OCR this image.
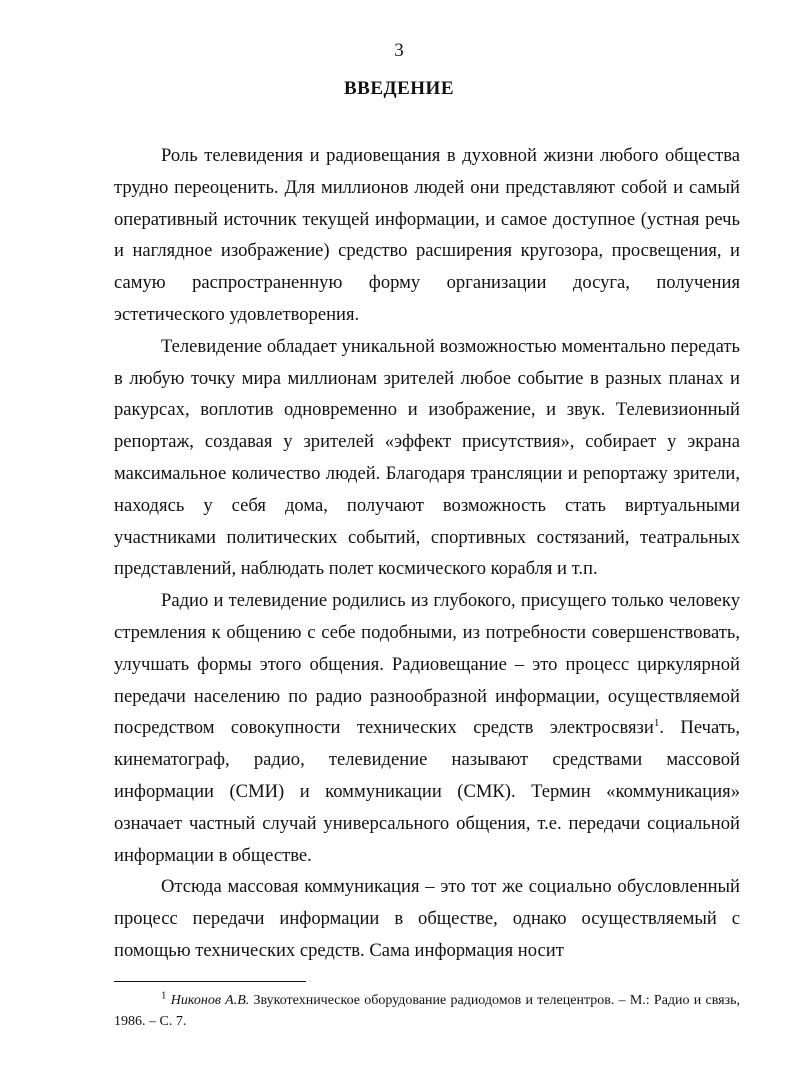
3
ВВЕДЕНИЕ

Роль телевидения и радиовещания в духовной жизни любого общества трудно переоценить. Для миллионов людей они представляют собой и самый оперативный источник текущей информации, и самое доступное (устная речь и наглядное изображение) средство расширения кругозора, просвещения, и самую распространенную форму организации досуга, получения эстетического удовлетворения.

Телевидение обладает уникальной возможностью моментально передать в любую точку мира миллионам зрителей любое событие в разных планах и ракурсах, воплотив одновременно и изображение, и звук. Телевизионный репортаж, создавая у зрителей «эффект присутствия», собирает у экрана максимальное количество людей. Благодаря трансляции и репортажу зрители, находясь у себя дома, получают возможность стать виртуальными участниками политических событий, спортивных состязаний, театральных представлений, наблюдать полет космического корабля и т.п.

Радио и телевидение родились из глубокого, присущего только человеку стремления к общению с себе подобными, из потребности совершенствовать, улучшать формы этого общения. Радиовещание – это процесс циркулярной передачи населению по радио разнообразной информации, осуществляемой посредством совокупности технических средств электросвязи$^1$. Печать, кинематограф, радио, телевидение называют средствами массовой информации (СМИ) и коммуникации (СМК). Термин «коммуникация» означает частный случай универсального общения, т.е. передачи социальной информации в обществе.

Отсюда массовая коммуникация – это тот же социально обусловленный процесс передачи информации в обществе, однако осуществляемый с помощью технических средств. Сама информация носит

$^1$ Никонов А.В. Звукотехническое оборудование радиодомов и телецентров. – М.: Радио и связь, 1986. – С. 7.
